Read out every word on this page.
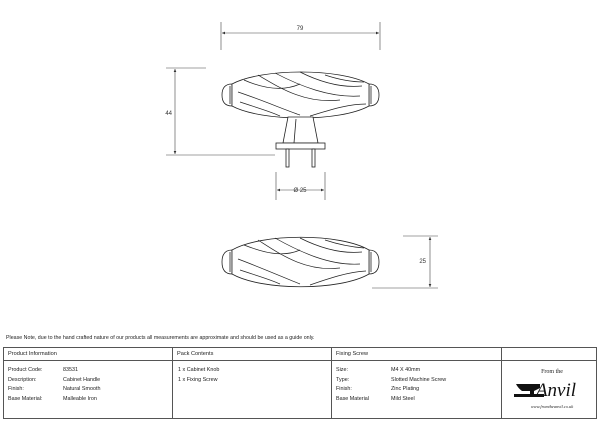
79
44
Ø 25
25
Please Note, due to the hand crafted nature of our products all measurements are approximate and should be used as a guide only.
Product Information	Pack Contents	Fixing Screw
Product Code:	83531
Description:	Cabinet Handle
Finish:	Natural Smooth
Base Material:	Malleable Iron
1 x Cabinet Knob
1 x Fixing Screw
Size:	M4 X 40mm
Type:	Slotted Machine Screw
Finish:	Zinc Plating
Base Material	Mild Steel
From the
Anvil
www.fromtheanvil.co.uk
